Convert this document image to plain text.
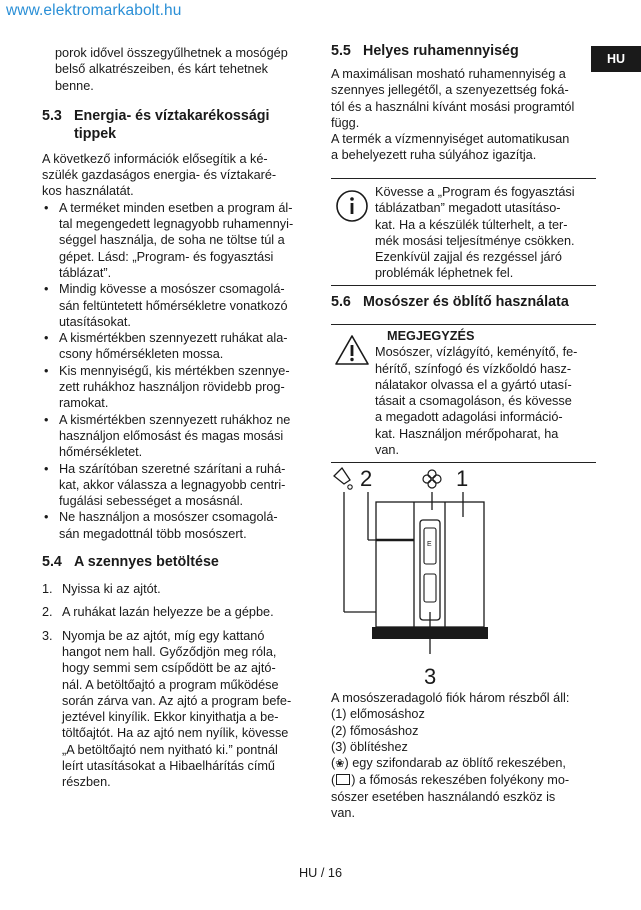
www.elektromarkabolt.hu
HU

porok idővel összegyűlhetnek a mosógép

belső alkatrészeiben, és kárt tehetnek

benne.

5.3 Energia- és víztakarékossági
tippek

A következő információk elősegítik a ké-

szülék gazdaságos energia- és víztakaré-

kos használatát.

• A terméket minden esetben a program ál-

tal megengedett legnagyobb ruhamennyi-

séggel használja, de soha ne töltse túl a

gépet. Lásd: „Program- és fogyasztási

táblázat”.

• Mindig kövesse a mosószer csomagolá-

sán feltüntetett hőmérsékletre vonatkozó

utasításokat.

• A kismértékben szennyezett ruhákat ala-

csony hőmérsékleten mossa.

• Kis mennyiségű, kis mértékben szennye-

zett ruhákhoz használjon rövidebb prog-

ramokat.

• A kismértékben szennyezett ruhákhoz ne

használjon előmosást és magas mosási

hőmérsékletet.

• Ha szárítóban szeretné szárítani a ruhá-

kat, akkor válassza a legnagyobb centri-

fugálási sebességet a mosásnál.

• Ne használjon a mosószer csomagolá-

sán megadottnál több mosószert.

5.4 A szennyes betöltése
1. Nyissa ki az ajtót.

2. A ruhákat lazán helyezze be a gépbe.

3. Nyomja be az ajtót, míg egy kattanó

hangot nem hall. Győződjön meg róla,

hogy semmi sem csípődött be az ajtó-

nál. A betöltőajtó a program működése

során zárva van. Az ajtó a program befe-

jeztével kinyílik. Ekkor kinyithatja a be-

töltőajtót. Ha az ajtó nem nyílik, kövesse

„A betöltőajtó nem nyitható ki.” pontnál

leírt utasításokat a Hibaelhárítás című

részben.

5.5 Helyes ruhamennyiség

A maximálisan mosható ruhamennyiség a

szennyes jellegétől, a szenyezettség foká-

tól és a használni kívánt mosási programtól

függ.

A termék a vízmennyiséget automatikusan

a behelyezett ruha súlyához igazítja.

Kövesse a „Program és fogyasztási

táblázatban” megadott utasításo-

kat. Ha a készülék túlterhelt, a ter-

mék mosási teljesítménye csökken.

Ezenkívül zajjal és rezgéssel járó

problémák léphetnek fel.

5.6 Mosószer és öblítő használata

MEGJEGYZÉS

Mosószer, vízlágyító, keményítő, fe-

hérítő, színfogó és vízkőoldó hasz-

nálatakor olvassa el a gyártó utasí-

tásait a csomagoláson, és kövesse

a megadott adagolási információ-

kat. Használjon mérőpoharat, ha

van.

2	1
E
3

A mosószeradagoló fiók három részből áll:

(1) előmosáshoz

(2) főmosáshoz

(3) öblítéshez

(❀) egy szifondarab az öblítő rekeszében,

( ) a főmosás rekeszében folyékony mo-

sószer esetében használandó eszköz is

van.

HU / 16
